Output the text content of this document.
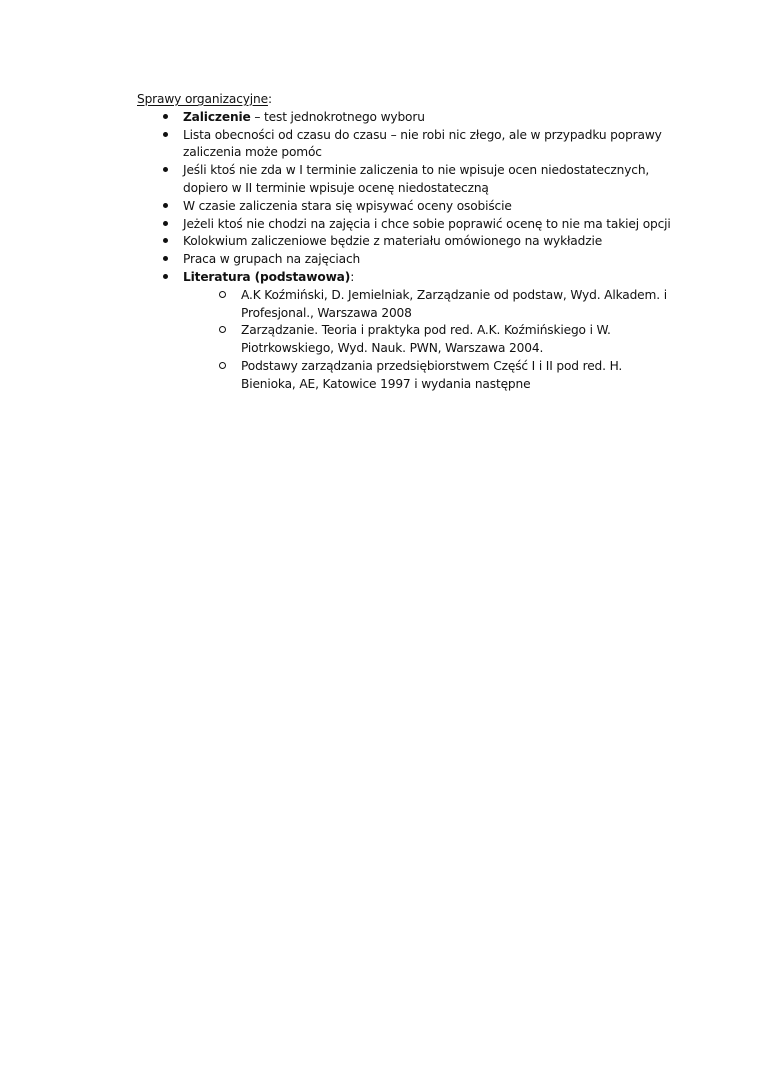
Sprawy organizacyjne:

Zaliczenie – test jednokrotnego wyboru
Lista obecności od czasu do czasu – nie robi nic złego, ale w przypadku poprawy zaliczenia może pomóc
Jeśli ktoś nie zda w I terminie zaliczenia to nie wpisuje ocen niedostatecznych, dopiero w II terminie wpisuje ocenę niedostateczną
W czasie zaliczenia stara się wpisywać oceny osobiście
Jeżeli ktoś nie chodzi na zajęcia i chce sobie poprawić ocenę to nie ma takiej opcji
Kolokwium zaliczeniowe będzie z materiału omówionego na wykładzie
Praca w grupach na zajęciach
Literatura (podstawowa):
A.K Koźmiński, D. Jemielniak, Zarządzanie od podstaw, Wyd. Alkadem. i Profesjonal., Warszawa 2008
Zarządzanie. Teoria i praktyka pod red. A.K. Koźmińskiego i W. Piotrkowskiego, Wyd. Nauk. PWN, Warszawa 2004.
Podstawy zarządzania przedsiębiorstwem Część I i II pod red. H. Bienioka, AE, Katowice 1997 i wydania następne
